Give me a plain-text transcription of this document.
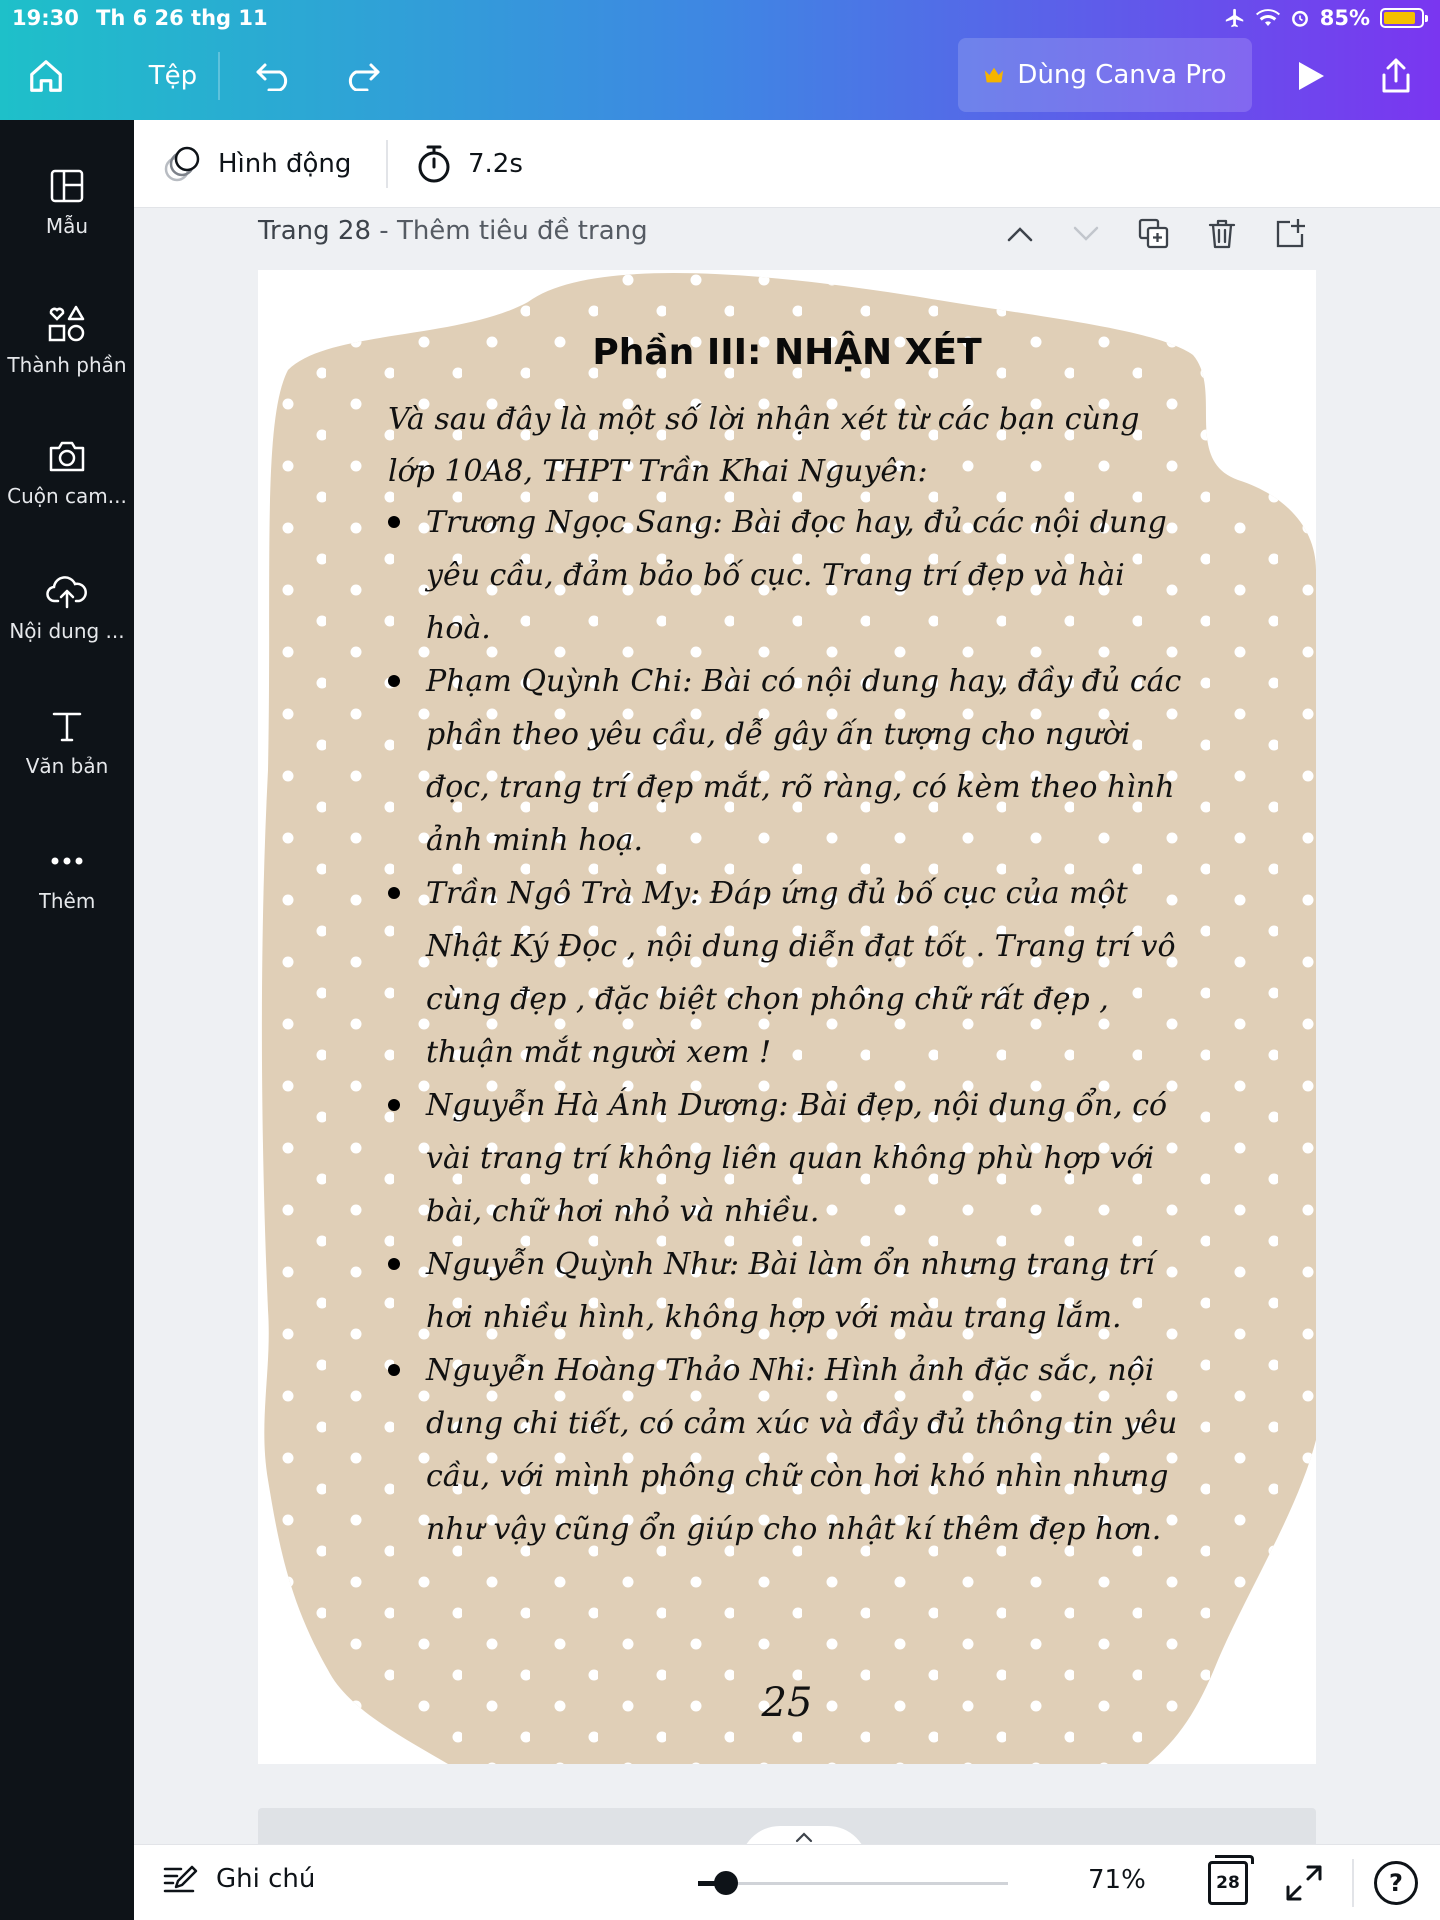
19:30 Th 6 26 thg 11	85%
Tệp	Dùng Canva Pro
Mẫu
Thành phần
Cuộn cam...
Nội dung ...
Văn bản
Thêm
Hình động	7.2s
Trang 28 - Thêm tiêu đề trang
Phần III: NHẬN XÉT
Và sau đây là một số lời nhận xét từ các bạn cùng lớp 10A8, THPT Trần Khai Nguyên:
Trương Ngọc Sang: Bài đọc hay, đủ các nội dung yêu cầu, đảm bảo bố cục. Trang trí đẹp và hài hoà.
Phạm Quỳnh Chi: Bài có nội dung hay, đầy đủ các phần theo yêu cầu, dễ gây ấn tượng cho người đọc, trang trí đẹp mắt, rõ ràng, có kèm theo hình ảnh minh hoạ.
Trần Ngô Trà My: Đáp ứng đủ bố cục của một Nhật Ký Đọc , nội dung diễn đạt tốt . Trang trí vô cùng đẹp , đặc biệt chọn phông chữ rất đẹp , thuận mắt người xem !
Nguyễn Hà Ánh Dương: Bài đẹp, nội dung ổn, có vài trang trí không liên quan không phù hợp với bài, chữ hơi nhỏ và nhiều.
Nguyễn Quỳnh Như: Bài làm ổn nhưng trang trí hơi nhiều hình, không hợp với màu trang lắm.
Nguyễn Hoàng Thảo Nhi: Hình ảnh đặc sắc, nội dung chi tiết, có cảm xúc và đầy đủ thông tin yêu cầu, với mình phông chữ còn hơi khó nhìn nhưng như vậy cũng ổn giúp cho nhật kí thêm đẹp hơn.
25
Ghi chú	71%	28	?
